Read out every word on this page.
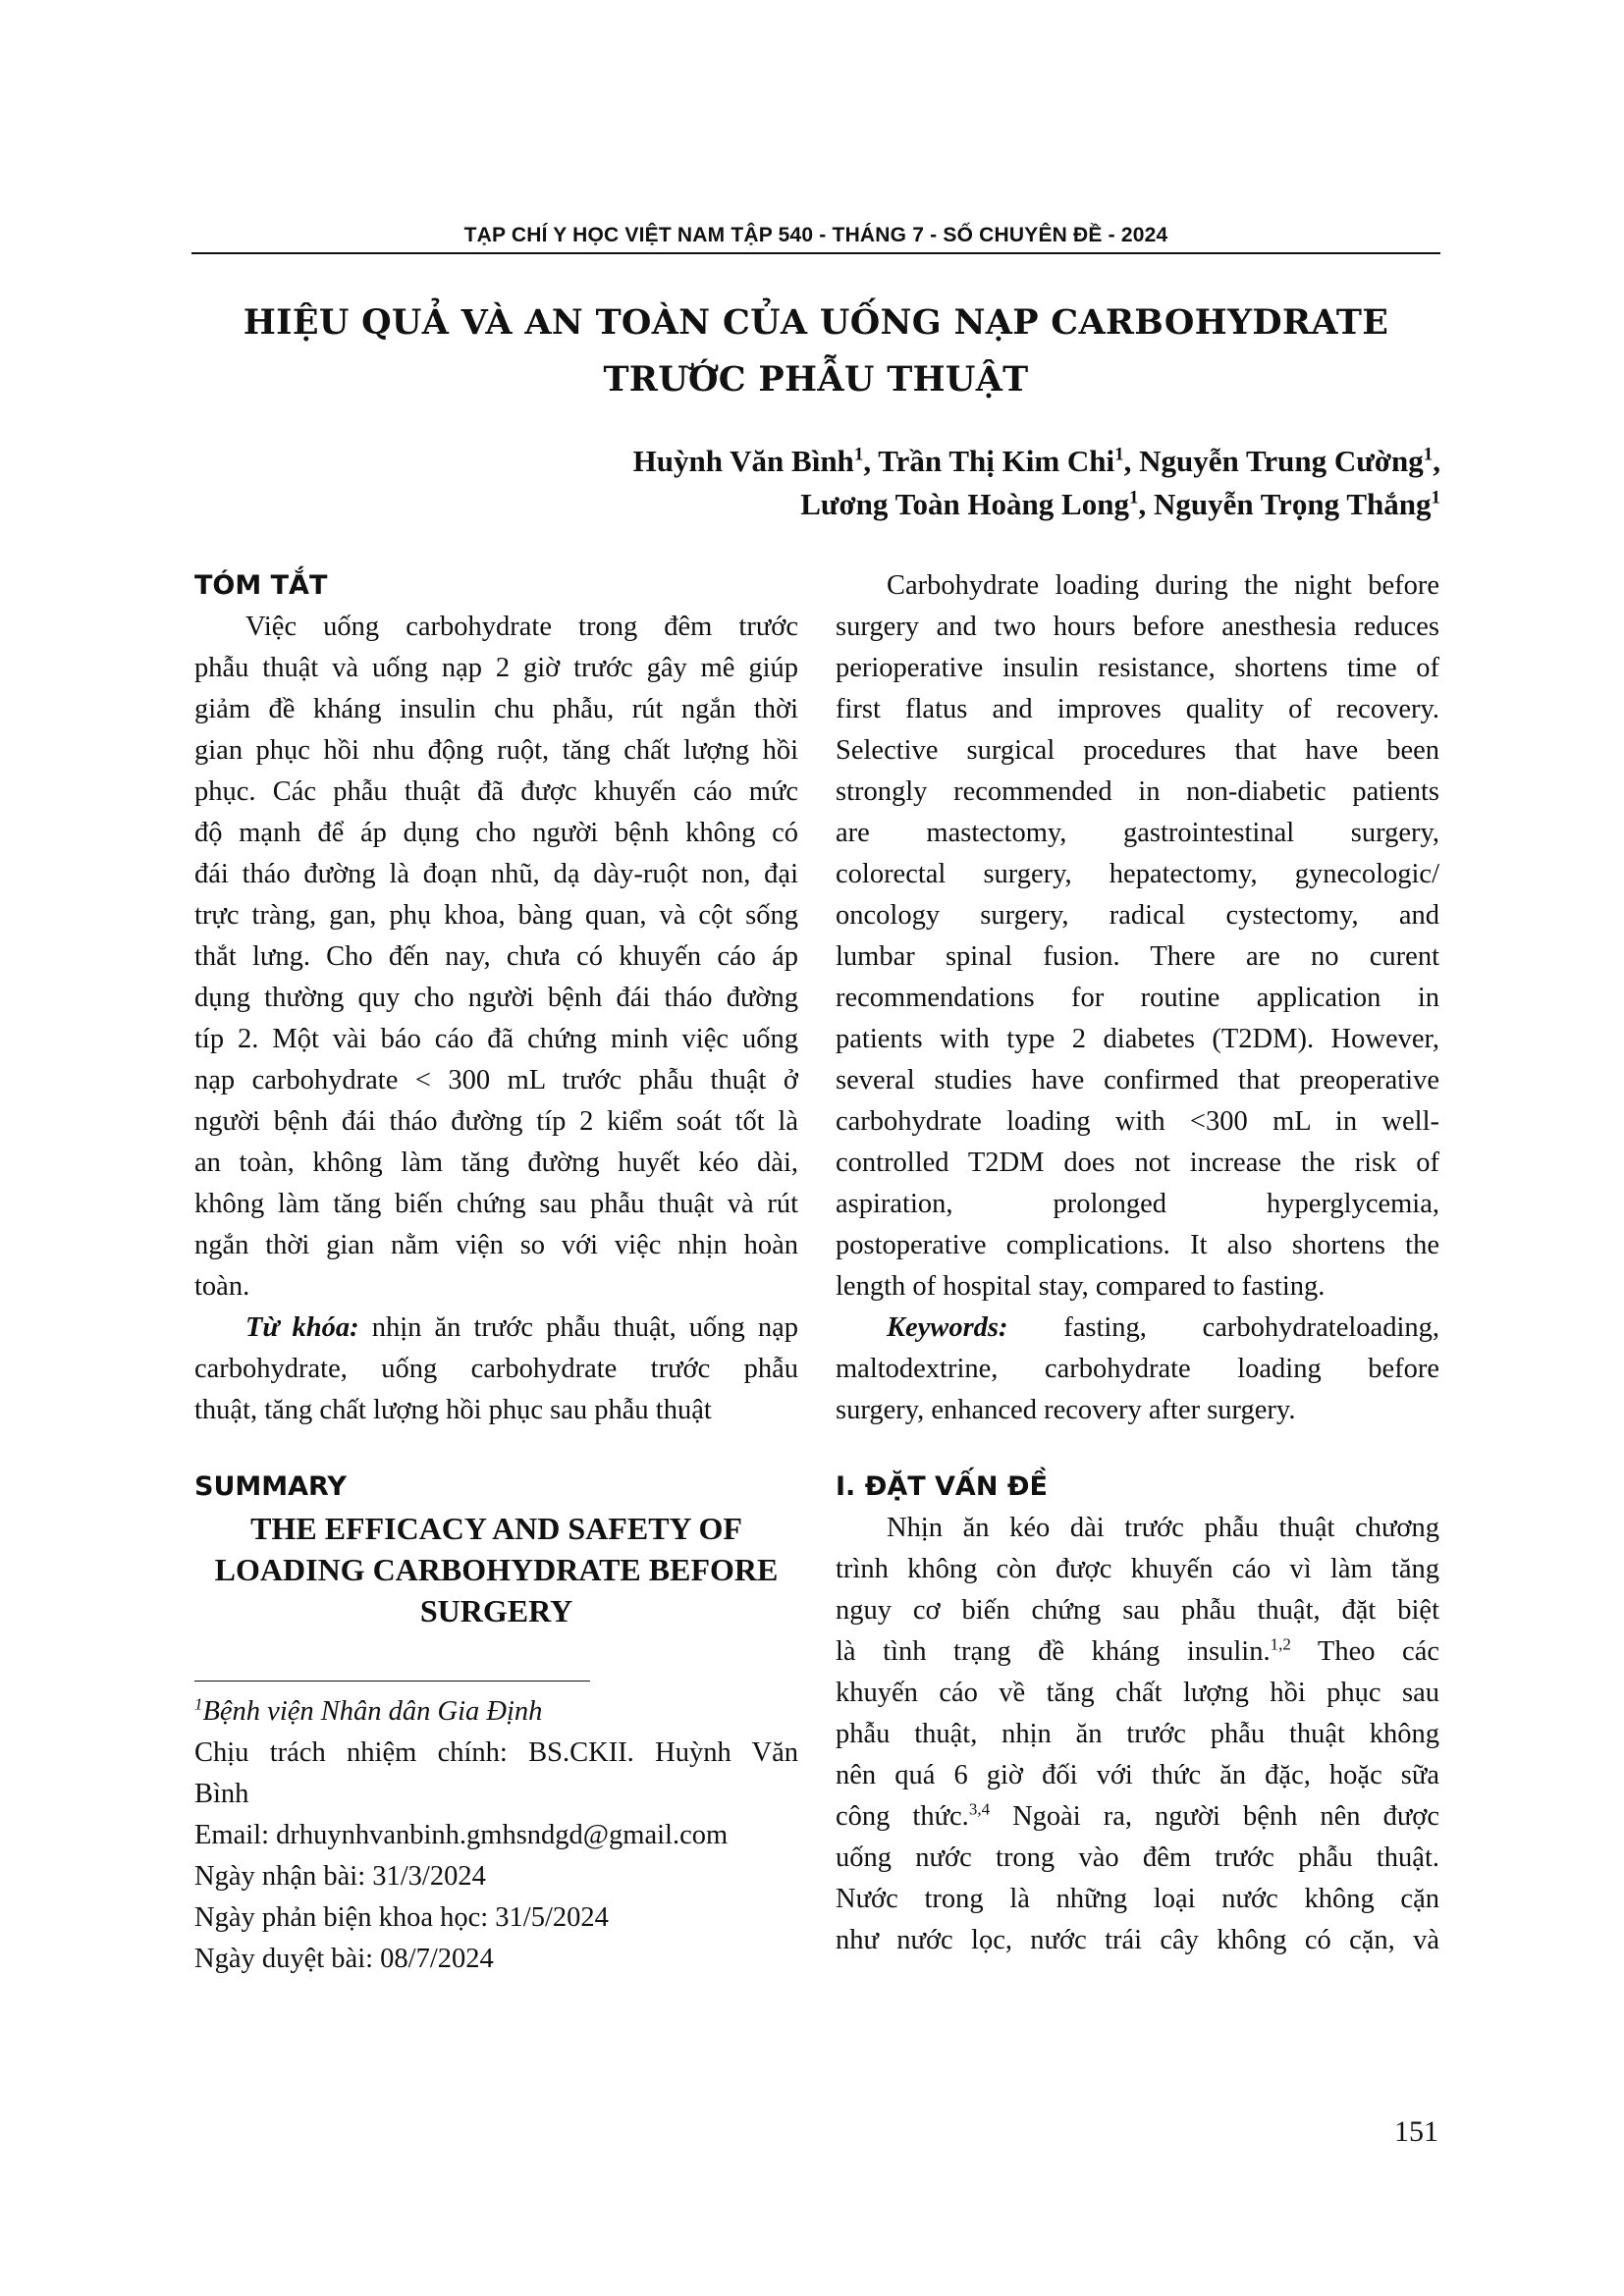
TẠP CHÍ Y HỌC VIỆT NAM TẬP 540 - THÁNG 7 - SỐ CHUYÊN ĐỀ - 2024
HIỆU QUẢ VÀ AN TOÀN CỦA UỐNG NẠP CARBOHYDRATE
TRƯỚC PHẪU THUẬT
Huỳnh Văn Bình$^1$, Trần Thị Kim Chi$^1$, Nguyễn Trung Cường$^1$,
Lương Toàn Hoàng Long$^1$, Nguyễn Trọng Thắng$^1$
TÓM TẮT
Việc uống carbohydrate trong đêm trước
phẫu thuật và uống nạp 2 giờ trước gây mê giúp
giảm đề kháng insulin chu phẫu, rút ngắn thời
gian phục hồi nhu động ruột, tăng chất lượng hồi
phục. Các phẫu thuật đã được khuyến cáo mức
độ mạnh để áp dụng cho người bệnh không có
đái tháo đường là đoạn nhũ, dạ dày-ruột non, đại
trực tràng, gan, phụ khoa, bàng quan, và cột sống
thắt lưng. Cho đến nay, chưa có khuyến cáo áp
dụng thường quy cho người bệnh đái tháo đường
típ 2. Một vài báo cáo đã chứng minh việc uống
nạp carbohydrate < 300 mL trước phẫu thuật ở
người bệnh đái tháo đường típ 2 kiểm soát tốt là
an toàn, không làm tăng đường huyết kéo dài,
không làm tăng biến chứng sau phẫu thuật và rút
ngắn thời gian nằm viện so với việc nhịn hoàn
toàn.
Từ khóa: nhịn ăn trước phẫu thuật, uống nạp
carbohydrate, uống carbohydrate trước phẫu
thuật, tăng chất lượng hồi phục sau phẫu thuật
SUMMARY
THE EFFICACY AND SAFETY OF
LOADING CARBOHYDRATE BEFORE
SURGERY
$^1$Bệnh viện Nhân dân Gia Định
Chịu trách nhiệm chính: BS.CKII. Huỳnh Văn
Bình
Email: drhuynhvanbinh.gmhsndgd@gmail.com
Ngày nhận bài: 31/3/2024
Ngày phản biện khoa học: 31/5/2024
Ngày duyệt bài: 08/7/2024
Carbohydrate loading during the night before
surgery and two hours before anesthesia reduces
perioperative insulin resistance, shortens time of
first flatus and improves quality of recovery.
Selective surgical procedures that have been
strongly recommended in non-diabetic patients
are mastectomy, gastrointestinal surgery,
colorectal surgery, hepatectomy, gynecologic/
oncology surgery, radical cystectomy, and
lumbar spinal fusion. There are no curent
recommendations for routine application in
patients with type 2 diabetes (T2DM). However,
several studies have confirmed that preoperative
carbohydrate loading with <300 mL in well-
controlled T2DM does not increase the risk of
aspiration, prolonged hyperglycemia,
postoperative complications. It also shortens the
length of hospital stay, compared to fasting.
Keywords: fasting, carbohydrateloading,
maltodextrine, carbohydrate loading before
surgery, enhanced recovery after surgery.
I. ĐẶT VẤN ĐỀ
Nhịn ăn kéo dài trước phẫu thuật chương
trình không còn được khuyến cáo vì làm tăng
nguy cơ biến chứng sau phẫu thuật, đặt biệt
là tình trạng đề kháng insulin.$^{1,2}$ Theo các
khuyến cáo về tăng chất lượng hồi phục sau
phẫu thuật, nhịn ăn trước phẫu thuật không
nên quá 6 giờ đối với thức ăn đặc, hoặc sữa
công thức.$^{3,4}$ Ngoài ra, người bệnh nên được
uống nước trong vào đêm trước phẫu thuật.
Nước trong là những loại nước không cặn
như nước lọc, nước trái cây không có cặn, và
151
